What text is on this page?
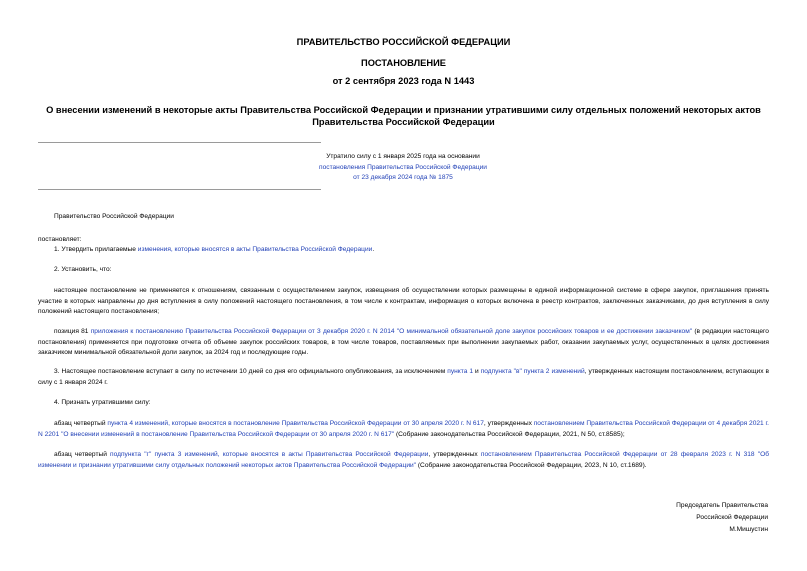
ПРАВИТЕЛЬСТВО РОССИЙСКОЙ ФЕДЕРАЦИИ
ПОСТАНОВЛЕНИЕ
от 2 сентября 2023 года N 1443
О внесении изменений в некоторые акты Правительства Российской Федерации и признании утратившими силу отдельных положений некоторых актов Правительства Российской Федерации
Утратило силу с 1 января 2025 года на основании
постановления Правительства Российской Федерации
от 23 декабря 2024 года № 1875
Правительство Российской Федерации
постановляет:
1. Утвердить прилагаемые изменения, которые вносятся в акты Правительства Российской Федерации.
2. Установить, что:
настоящее постановление не применяется к отношениям, связанным с осуществлением закупок, извещения об осуществлении которых размещены в единой информационной системе в сфере закупок, приглашения принять участие в которых направлены до дня вступления в силу положений настоящего постановления, в том числе к контрактам, информация о которых включена в реестр контрактов, заключенных заказчиками, до дня вступления в силу положений настоящего постановления;
позиция 81 приложения к постановлению Правительства Российской Федерации от 3 декабря 2020 г. N 2014 "О минимальной обязательной доле закупок российских товаров и ее достижении заказчиком" (в редакции настоящего постановления) применяется при подготовке отчета об объеме закупок российских товаров, в том числе товаров, поставляемых при выполнении закупаемых работ, оказании закупаемых услуг, осуществленных в целях достижения заказчиком минимальной обязательной доли закупок, за 2024 год и последующие годы.
3. Настоящее постановление вступает в силу по истечении 10 дней со дня его официального опубликования, за исключением пункта 1 и подпункта "в" пункта 2 изменений, утвержденных настоящим постановлением, вступающих в силу с 1 января 2024 г.
4. Признать утратившими силу:
абзац четвертый пункта 4 изменений, которые вносятся в постановление Правительства Российской Федерации от 30 апреля 2020 г. N 617, утвержденных постановлением Правительства Российской Федерации от 4 декабря 2021 г. N 2201 "О внесении изменений в постановление Правительства Российской Федерации от 30 апреля 2020 г. N 617" (Собрание законодательства Российской Федерации, 2021, N 50, ст.8585);
абзац четвертый подпункта "г" пункта 3 изменений, которые вносятся в акты Правительства Российской Федерации, утвержденных постановлением Правительства Российской Федерации от 28 февраля 2023 г. N 318 "Об изменении и признании утратившими силу отдельных положений некоторых актов Правительства Российской Федерации" (Собрание законодательства Российской Федерации, 2023, N 10, ст.1689).
Председатель Правительства
Российской Федерации
М.Мишустин
